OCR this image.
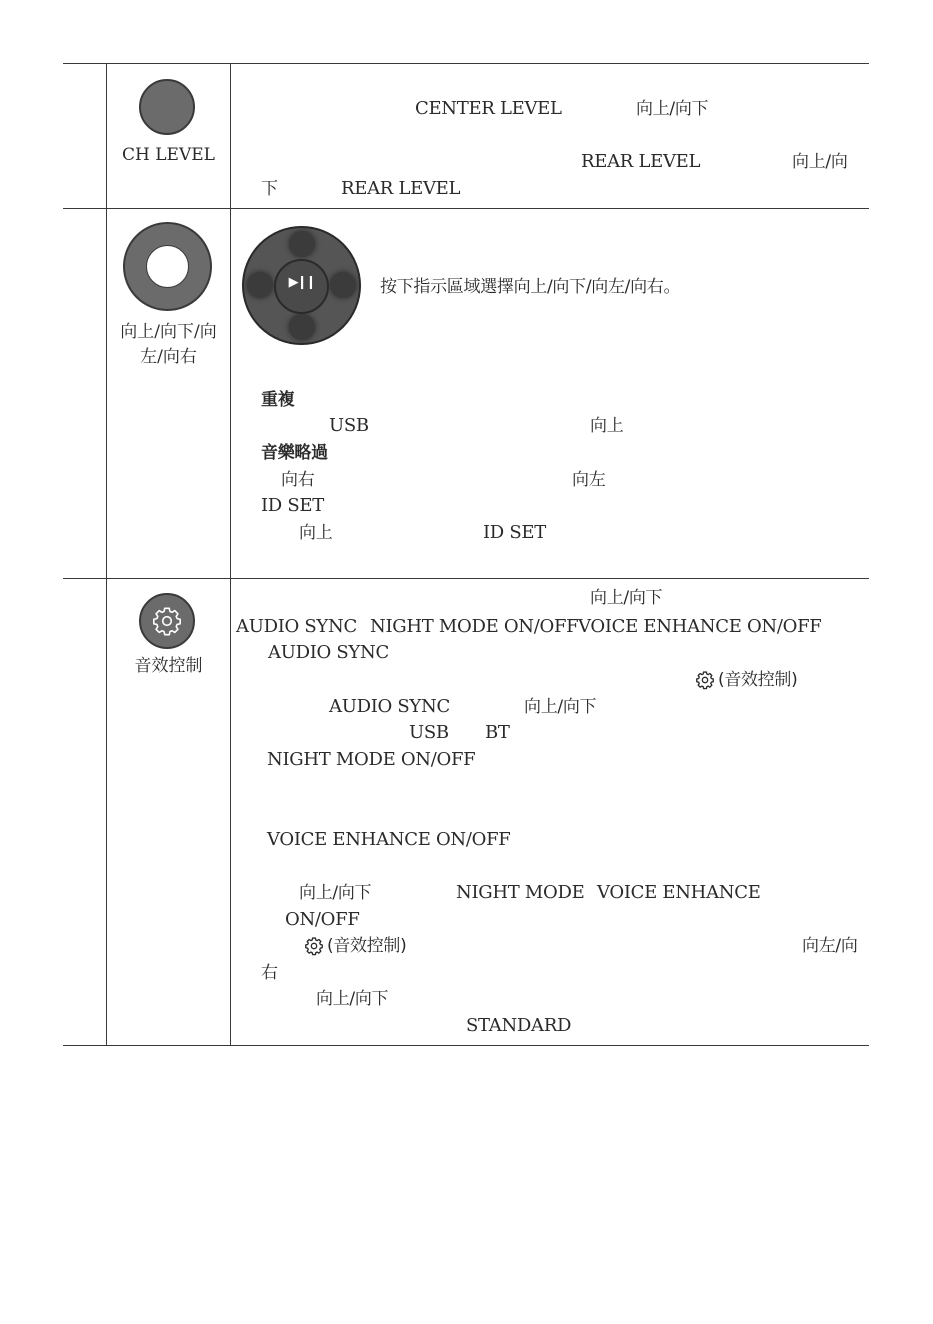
CH LEVEL
CENTER LEVEL	向上/向下
REAR LEVEL	向上/向
下	REAR LEVEL
向上/向下/向
左/向右
▶❙❙	按下指示區域選擇向上/向下/向左/向右。
重複
USB	向上
音樂略過
向右	向左
ID SET
向上	ID SET
音效控制
向上/向下
AUDIO SYNC NIGHT MODE ON/OFF VOICE ENHANCE ON/OFF
AUDIO SYNC
(音效控制)
AUDIO SYNC	向上/向下
USB BT
NIGHT MODE ON/OFF
VOICE ENHANCE ON/OFF
向上/向下	NIGHT MODE VOICE ENHANCE
ON/OFF
(音效控制)	向左/向
右
向上/向下
STANDARD
